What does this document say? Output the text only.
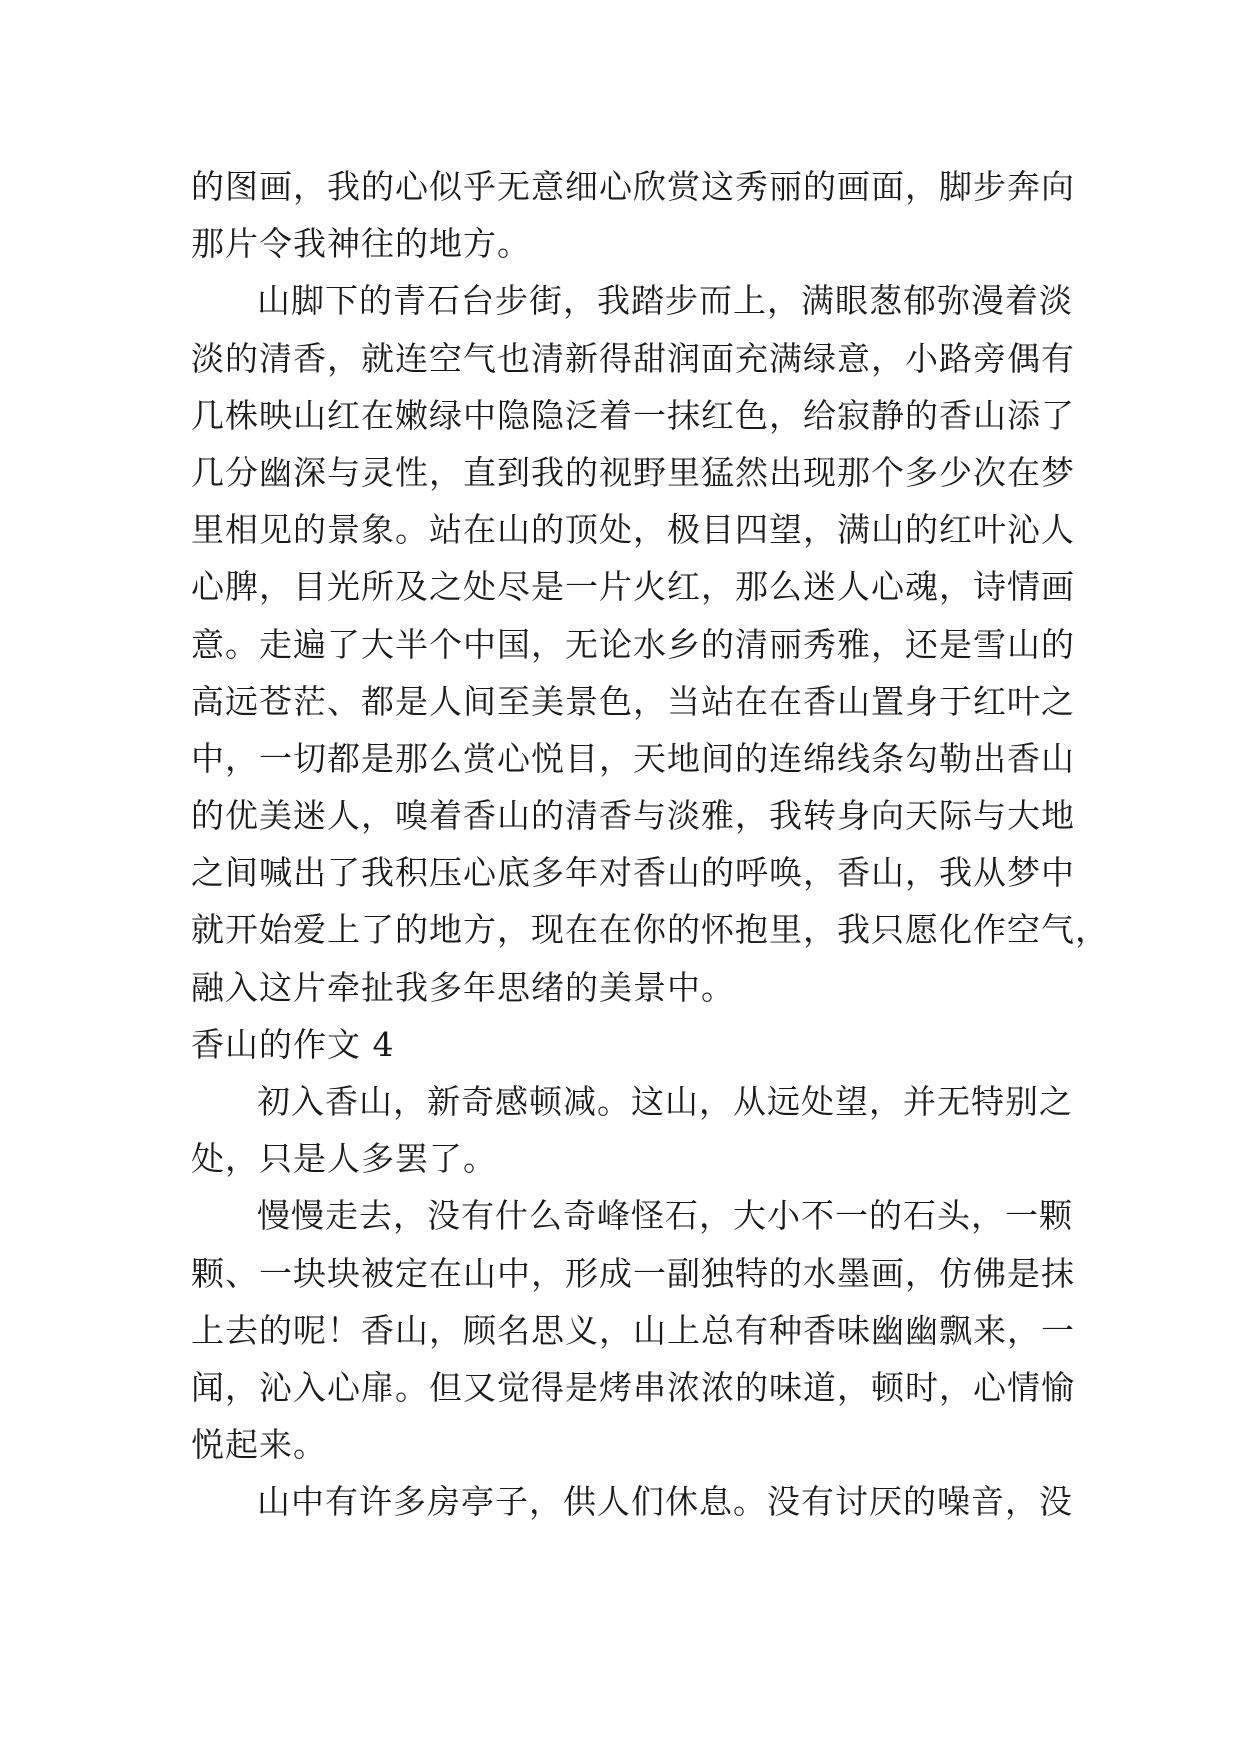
的图画，我的心似乎无意细心欣赏这秀丽的画面，脚步奔向
那片令我神往的地方。
山脚下的青石台步街，我踏步而上，满眼葱郁弥漫着淡
淡的清香，就连空气也清新得甜润面充满绿意，小路旁偶有
几株映山红在嫩绿中隐隐泛着一抹红色，给寂静的香山添了
几分幽深与灵性，直到我的视野里猛然出现那个多少次在梦
里相见的景象。站在山的顶处，极目四望，满山的红叶沁人
心脾，目光所及之处尽是一片火红，那么迷人心魂，诗情画
意。走遍了大半个中国，无论水乡的清丽秀雅，还是雪山的
高远苍茫、都是人间至美景色，当站在在香山置身于红叶之
中，一切都是那么赏心悦目，天地间的连绵线条勾勒出香山
的优美迷人，嗅着香山的清香与淡雅，我转身向天际与大地
之间喊出了我积压心底多年对香山的呼唤，香山，我从梦中
就开始爱上了的地方，现在在你的怀抱里，我只愿化作空气，
融入这片牵扯我多年思绪的美景中。
香山的作文 4
初入香山，新奇感顿减。这山，从远处望，并无特别之
处，只是人多罢了。
慢慢走去，没有什么奇峰怪石，大小不一的石头，一颗
颗、一块块被定在山中，形成一副独特的水墨画，仿佛是抹
上去的呢！香山，顾名思义，山上总有种香味幽幽飘来，一
闻，沁入心扉。但又觉得是烤串浓浓的味道，顿时，心情愉
悦起来。
山中有许多房亭子，供人们休息。没有讨厌的噪音，没
